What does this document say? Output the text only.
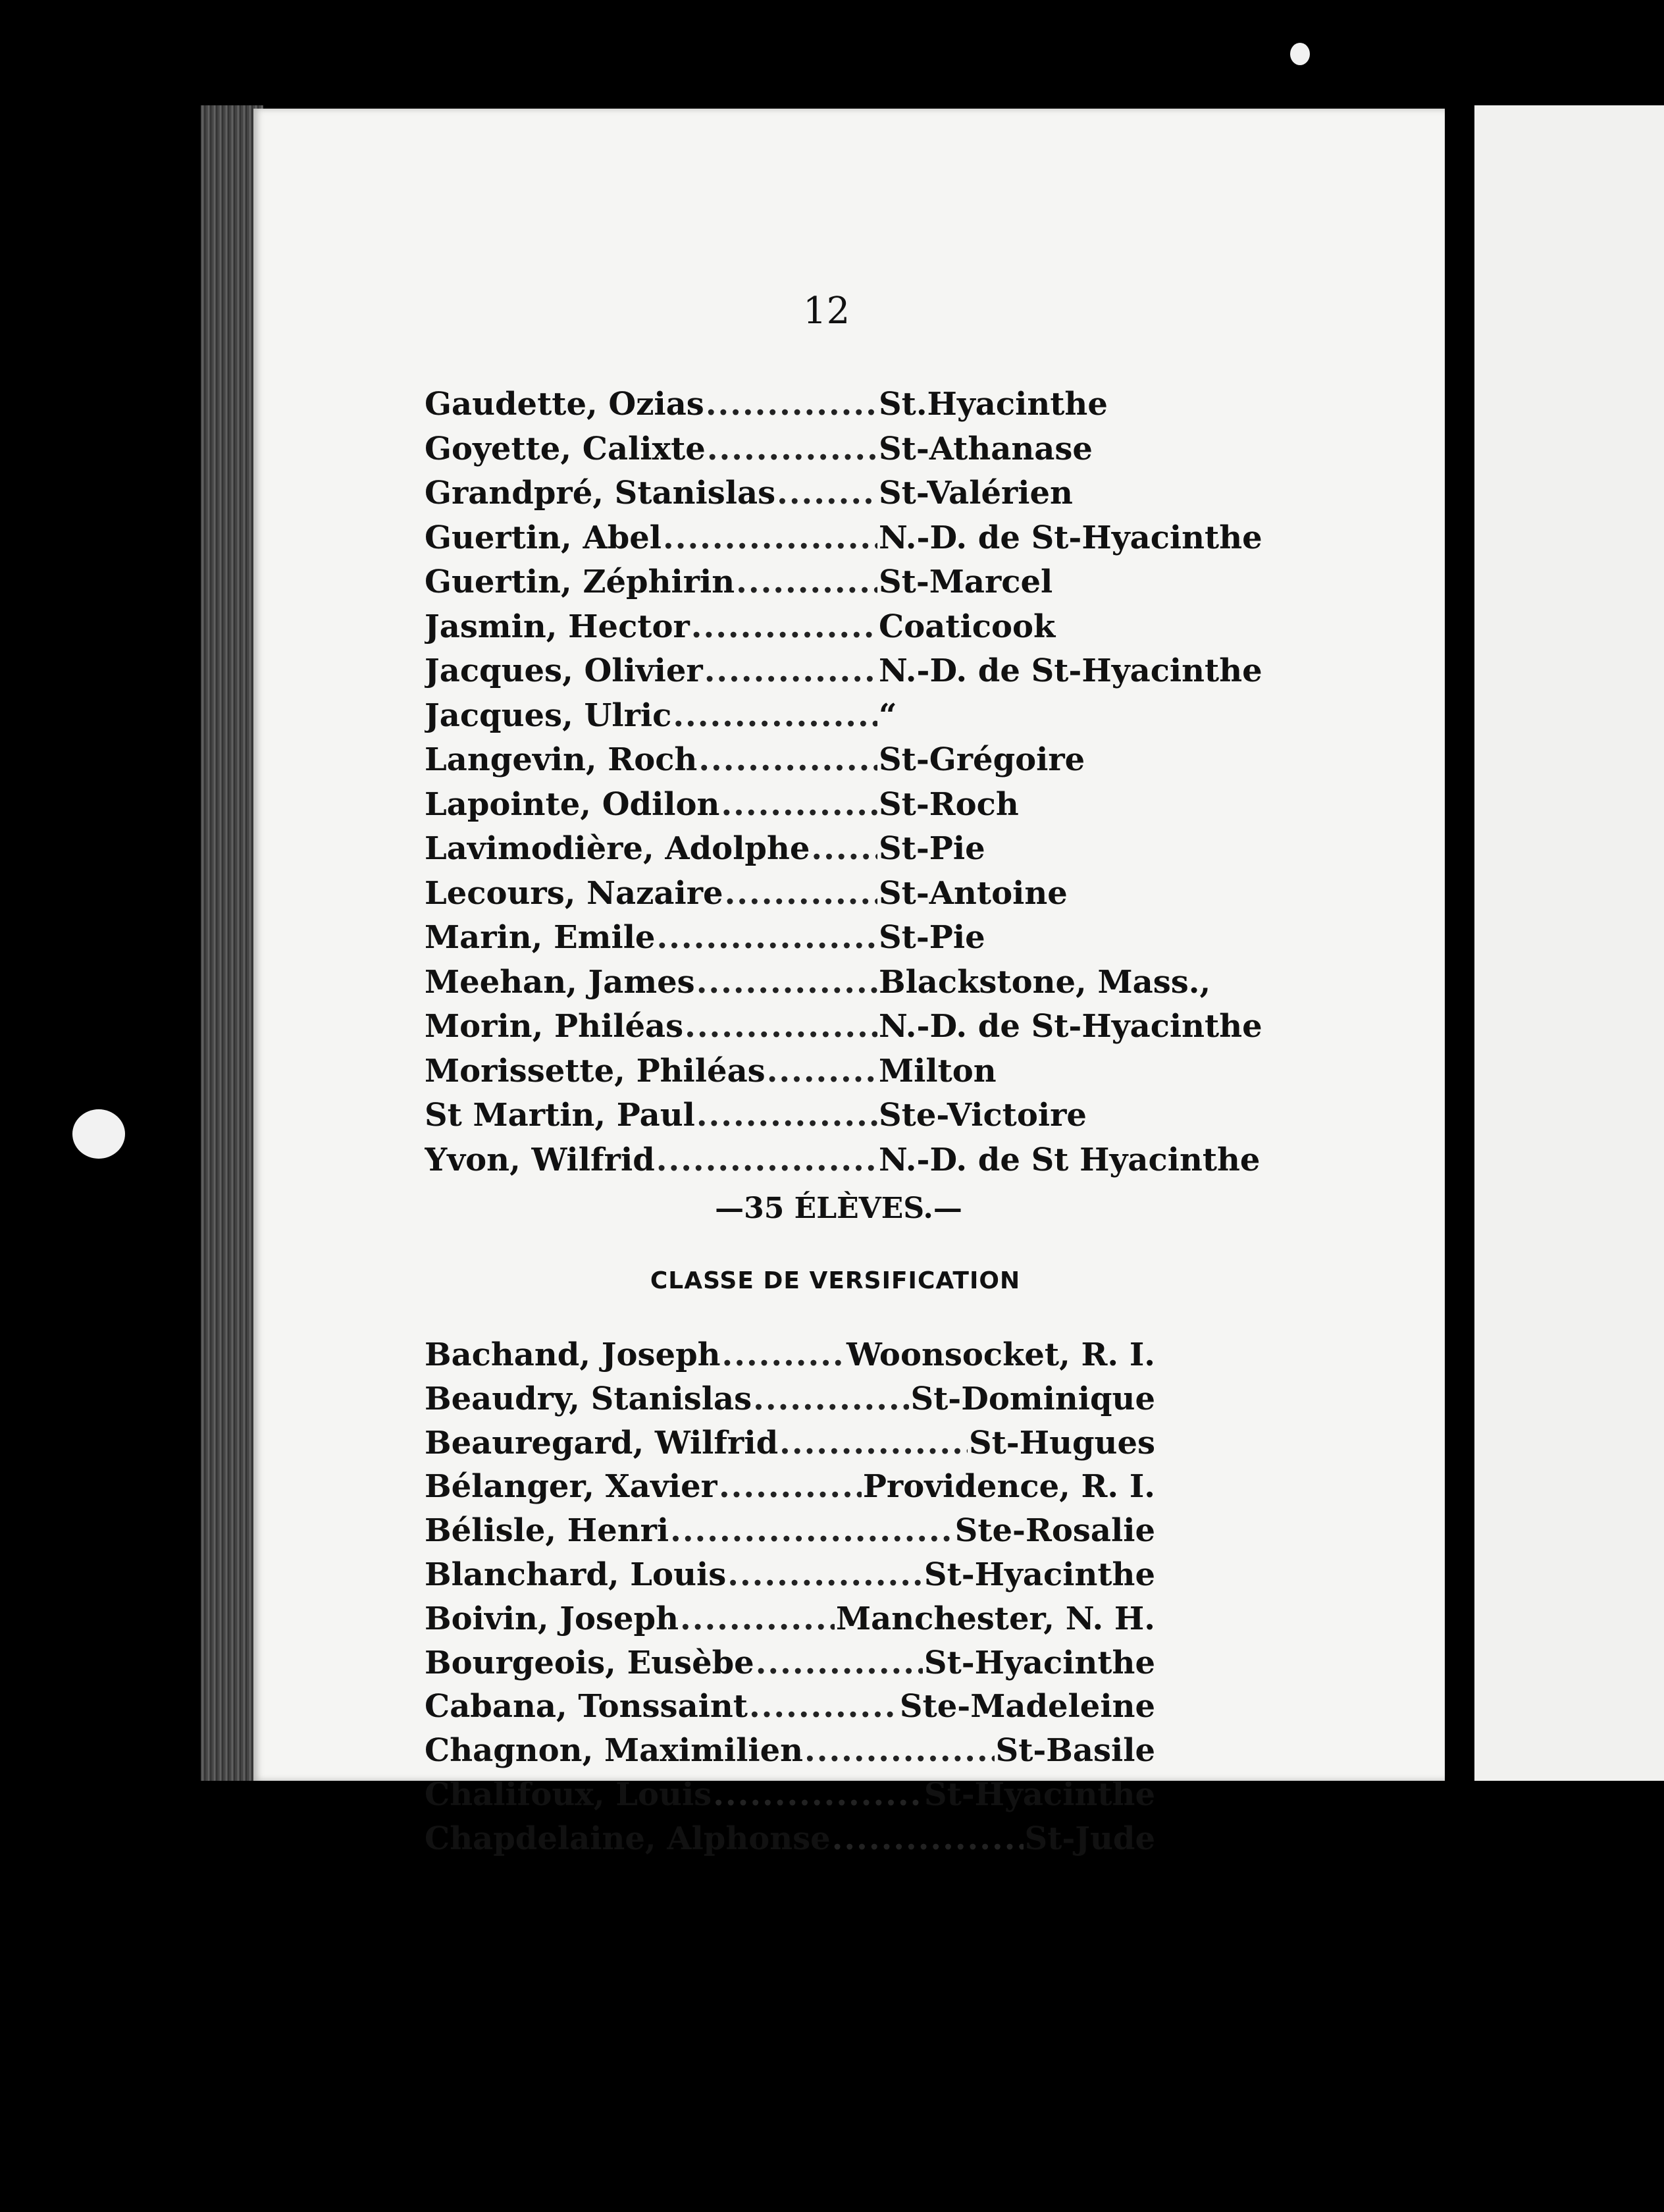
12
Gaudette, Ozias .....	St.Hyacinthe
Goyette, Calixte .....	St-Athanase
Grandpré, Stanislas .....	St-Valérien
Guertin, Abel .....	N.-D. de St-Hyacinthe
Guertin, Zéphirin .....	St-Marcel
Jasmin, Hector .....	Coaticook
Jacques, Olivier .....	N.-D. de St-Hyacinthe
Jacques, Ulric .....	“
Langevin, Roch .....	St-Grégoire
Lapointe, Odilon .....	St-Roch
Lavimodière, Adolphe ..... St-Pie
Lecours, Nazaire .....	St-Antoine
Marin, Emile .....	St-Pie
Meehan, James .....	Blackstone, Mass.,
Morin, Philéas .....	N.-D. de St-Hyacinthe
Morissette, Philéas .....	Milton
St Martin, Paul .....	Ste-Victoire
Yvon, Wilfrid .....	N.-D. de St Hyacinthe
—35 ÉLÈVES.—
CLASSE DE VERSIFICATION
Bachand, Joseph .....	Woonsocket, R. I.
Beaudry, Stanislas .....	St-Dominique
Beauregard, Wilfrid .....	St-Hugues
Bélanger, Xavier .....	Providence, R. I.
Bélisle, Henri .....	Ste-Rosalie
Blanchard, Louis .....	St-Hyacinthe
Boivin, Joseph .....	Manchester, N. H.
Bourgeois, Eusèbe .....	St-Hyacinthe
Cabana, Tonssaint .....	Ste-Madeleine
Chagnon, Maximilien .....	St-Basile
Chalifoux, Louis .....	St-Hyacinthe
Chapdelaine, Alphonse .....	St-Jude
